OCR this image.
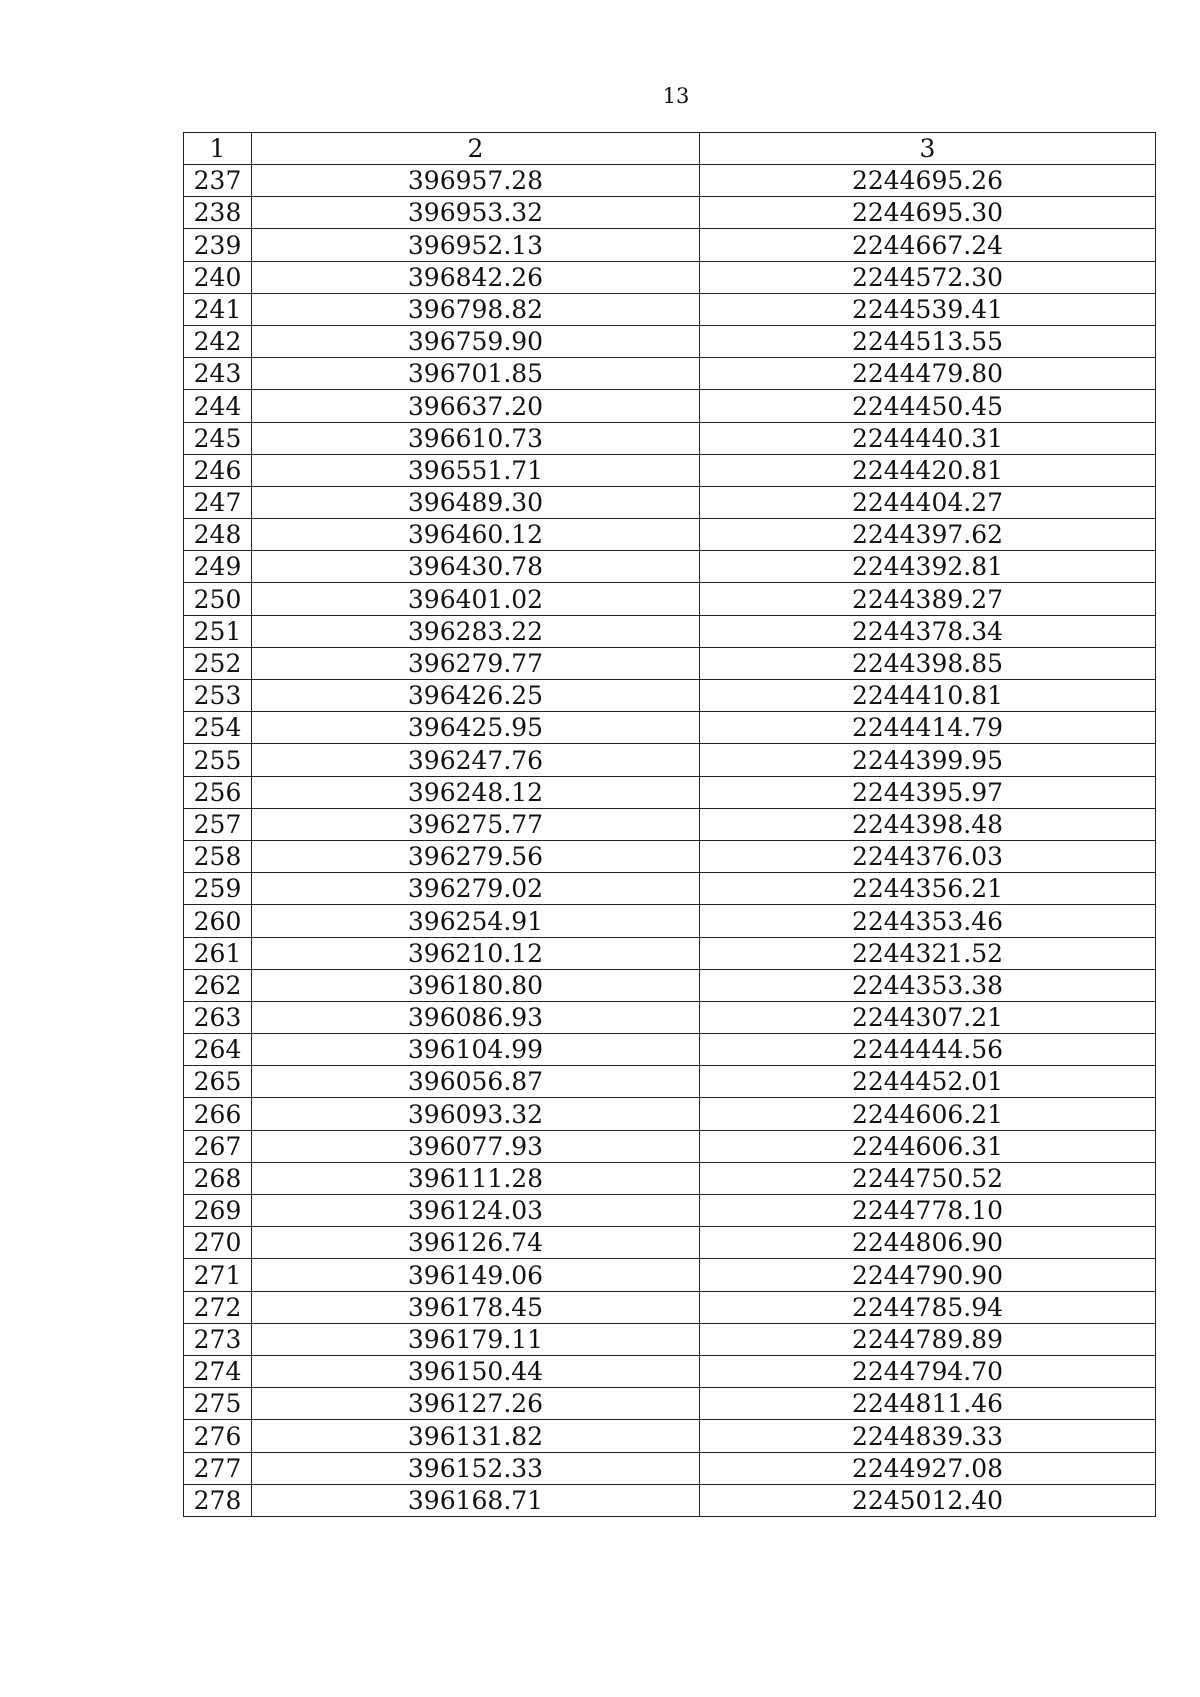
13
1	2	3
237	396957.28	2244695.26
238	396953.32	2244695.30
239	396952.13	2244667.24
240	396842.26	2244572.30
241	396798.82	2244539.41
242	396759.90	2244513.55
243	396701.85	2244479.80
244	396637.20	2244450.45
245	396610.73	2244440.31
246	396551.71	2244420.81
247	396489.30	2244404.27
248	396460.12	2244397.62
249	396430.78	2244392.81
250	396401.02	2244389.27
251	396283.22	2244378.34
252	396279.77	2244398.85
253	396426.25	2244410.81
254	396425.95	2244414.79
255	396247.76	2244399.95
256	396248.12	2244395.97
257	396275.77	2244398.48
258	396279.56	2244376.03
259	396279.02	2244356.21
260	396254.91	2244353.46
261	396210.12	2244321.52
262	396180.80	2244353.38
263	396086.93	2244307.21
264	396104.99	2244444.56
265	396056.87	2244452.01
266	396093.32	2244606.21
267	396077.93	2244606.31
268	396111.28	2244750.52
269	396124.03	2244778.10
270	396126.74	2244806.90
271	396149.06	2244790.90
272	396178.45	2244785.94
273	396179.11	2244789.89
274	396150.44	2244794.70
275	396127.26	2244811.46
276	396131.82	2244839.33
277	396152.33	2244927.08
278	396168.71	2245012.40
